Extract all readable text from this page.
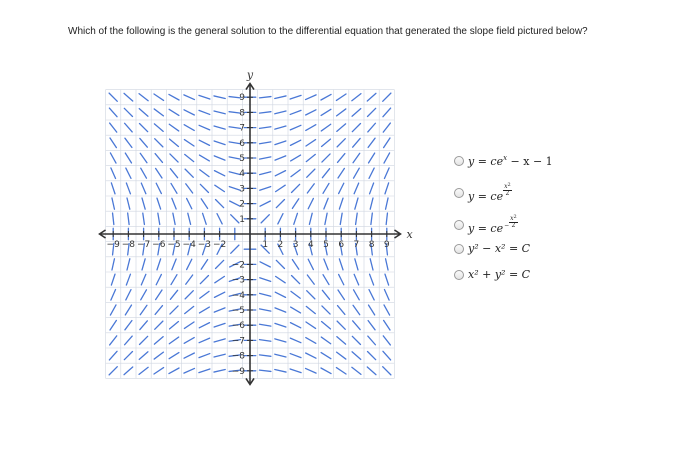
Which of the following is the general solution to the differential equation that generated the slope field pictured below?
−9 −8 −7 −6 −5 −4 −3 −2	1 2 3 4 5 6 7 8 9
9
8
7
6
5
4
3
2
1
−2
−3
−4
−5
−6
−7
−8
−9
x
y
$y = ce^x - x - 1$
y = ce $\frac{x^2}{2}$
$y = ce- \frac{x^2}{2}$
y² − x² = C
x² + y² = C
